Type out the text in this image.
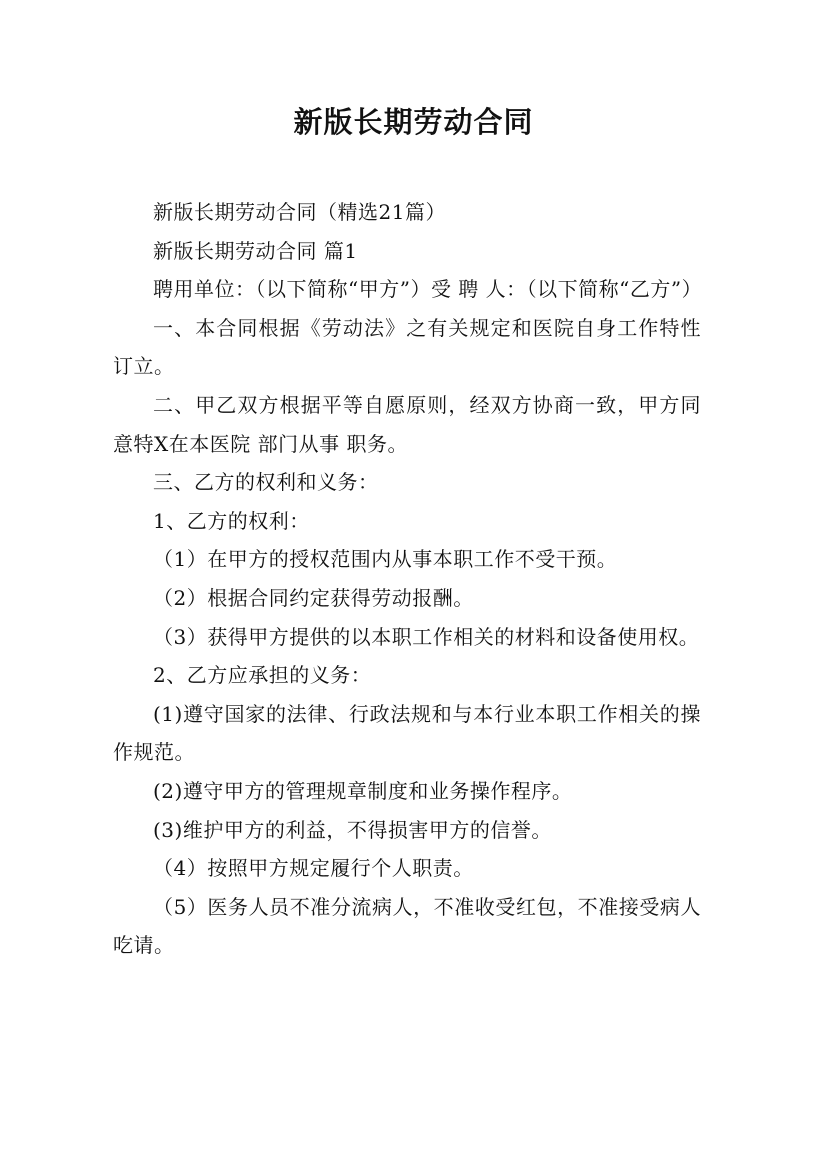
新版长期劳动合同

新版长期劳动合同（精选21篇）

新版长期劳动合同 篇1

聘用单位：（以下简称“甲方”）受 聘 人：（以下简称“乙方”）

一、本合同根据《劳动法》之有关规定和医院自身工作特性订立。

二、甲乙双方根据平等自愿原则，经双方协商一致，甲方同意特X在本医院 部门从事 职务。

三、乙方的权利和义务：

1、乙方的权利：

（1）在甲方的授权范围内从事本职工作不受干预。

（2）根据合同约定获得劳动报酬。

（3）获得甲方提供的以本职工作相关的材料和设备使用权。

2、乙方应承担的义务：

(1)遵守国家的法律、行政法规和与本行业本职工作相关的操作规范。

(2)遵守甲方的管理规章制度和业务操作程序。

(3)维护甲方的利益，不得损害甲方的信誉。

（4）按照甲方规定履行个人职责。

（5）医务人员不准分流病人，不准收受红包，不准接受病人吃请。
